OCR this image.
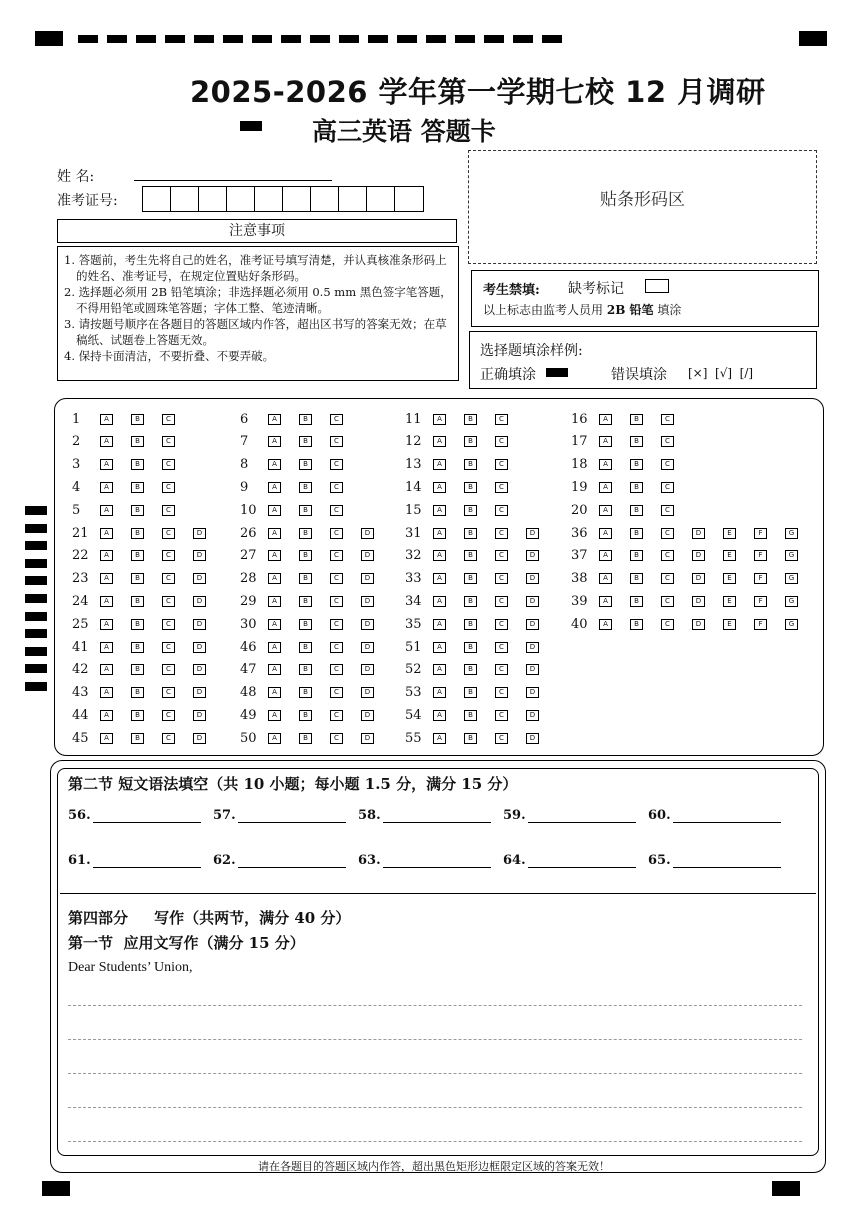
2025-2026 学年第一学期七校 12 月调研
高三英语 答题卡
姓 名:
准考证号:	贴条形码区
注意事项
1. 答题前，考生先将自己的姓名，准考证号填写清楚，并认真核准条形码上的姓名、准考证号，在规定位置贴好条形码。
2. 选择题必须用 2B 铅笔填涂；非选择题必须用 0.5 mm 黑色签字笔答题，不得用铅笔或圆珠笔答题；字体工整、笔迹清晰。
3. 请按题号顺序在各题目的答题区域内作答，超出区书写的答案无效；在草稿纸、试题卷上答题无效。
4. 保持卡面清洁，不要折叠、不要弄破。
考生禁填: 缺考标记
以上标志由监考人员用 2B 铅笔 填涂
选择题填涂样例:
正确填涂	错误填涂 [×]  [√]  [/]
1	A	B	C
2	A	B	C
3	A	B	C
4	A	B	C
5	A	B	C
6	A	B	C
7	A	B	C
8	A	B	C
9	A	B	C
10	A	B	C
11	A	B	C
12	A	B	C
13	A	B	C
14	A	B	C
15	A	B	C
16	A	B	C
17	A	B	C
18	A	B	C
19	A	B	C
20	A	B	C
21	A	B	C	D
22	A	B	C	D
23	A	B	C	D
24	A	B	C	D
25	A	B	C	D
26	A	B	C	D
27	A	B	C	D
28	A	B	C	D
29	A	B	C	D
30	A	B	C	D
31	A	B	C	D
32	A	B	C	D
33	A	B	C	D
34	A	B	C	D
35	A	B	C	D
36	A	B	C	D	E	F	G
37	A	B	C	D	E	F	G
38	A	B	C	D	E	F	G
39	A	B	C	D	E	F	G
40	A	B	C	D	E	F	G
41	A	B	C	D
42	A	B	C	D
43	A	B	C	D
44	A	B	C	D
45	A	B	C	D
46	A	B	C	D
47	A	B	C	D
48	A	B	C	D
49	A	B	C	D
50	A	B	C	D
51	A	B	C	D
52	A	B	C	D
53	A	B	C	D
54	A	B	C	D
55	A	B	C	D
第二节 短文语法填空（共 10 小题；每小题 1.5 分，满分 15 分）
56.	57.	58.	59.	60.
61.	62.	63.	64.	65.
第四部分     写作（共两节，满分 40 分）
第一节  应用文写作（满分 15 分）
Dear Students’ Union,
请在各题目的答题区域内作答，超出黑色矩形边框限定区域的答案无效！
